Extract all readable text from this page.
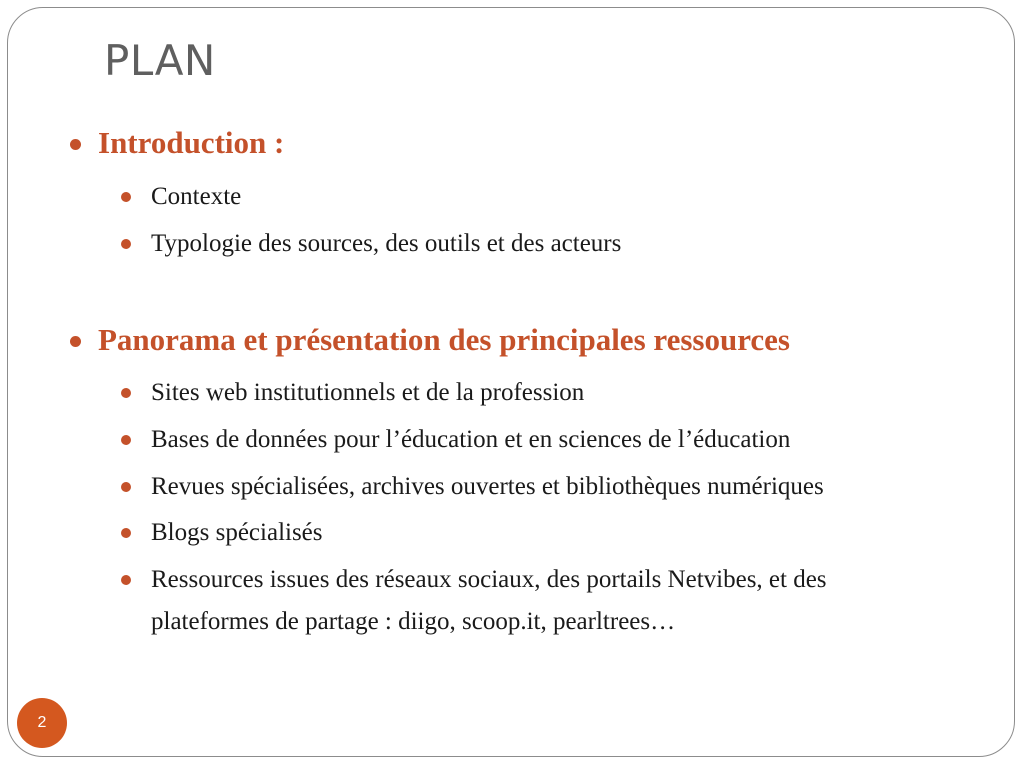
PLAN
Introduction :
Contexte
Typologie des sources, des outils et des acteurs
Panorama et présentation des principales ressources
Sites web institutionnels et de la profession
Bases de données pour l’éducation et en sciences de l’éducation
Revues spécialisées, archives ouvertes et bibliothèques numériques
Blogs spécialisés
Ressources issues des réseaux sociaux, des portails Netvibes, et des
plateformes de partage : diigo, scoop.it, pearltrees…
2
